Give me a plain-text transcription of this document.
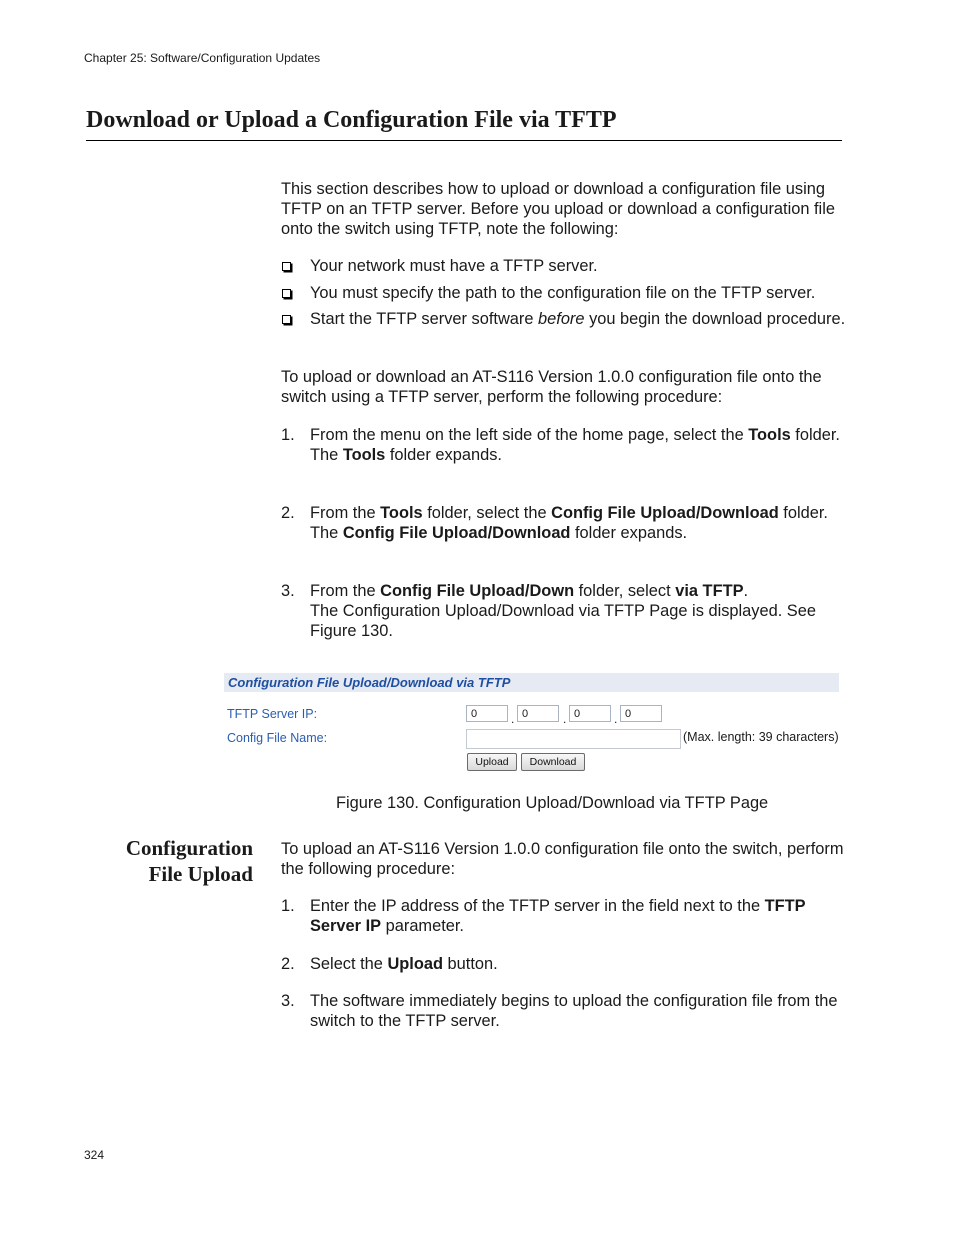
Chapter 25: Software/Configuration Updates
Download or Upload a Configuration File via TFTP

This section describes how to upload or download a configuration file using TFTP on an TFTP server. Before you upload or download a configuration file onto the switch using TFTP, note the following:

Your network must have a TFTP server.
You must specify the path to the configuration file on the TFTP server.
Start the TFTP server software before you begin the download procedure.

To upload or download an AT-S116 Version 1.0.0 configuration file onto the switch using a TFTP server, perform the following procedure:

1. From the menu on the left side of the home page, select the Tools folder.
The Tools folder expands.
2. From the Tools folder, select the Config File Upload/Download folder.
The Config File Upload/Download folder expands.
3. From the Config File Upload/Down folder, select via TFTP.
The Configuration Upload/Download via TFTP Page is displayed. See Figure 130.
Configuration File Upload/Download via TFTP
TFTP Server IP:	0	. 0	. 0	. 0
Config File Name:	(Max. length: 39 characters)
Upload	Download
Figure 130. Configuration Upload/Download via TFTP Page
Configuration
File Upload

To upload an AT-S116 Version 1.0.0 configuration file onto the switch, perform the following procedure:

1. Enter the IP address of the TFTP server in the field next to the TFTP Server IP parameter.
2. Select the Upload button.
3. The software immediately begins to upload the configuration file from the switch to the TFTP server.
324
